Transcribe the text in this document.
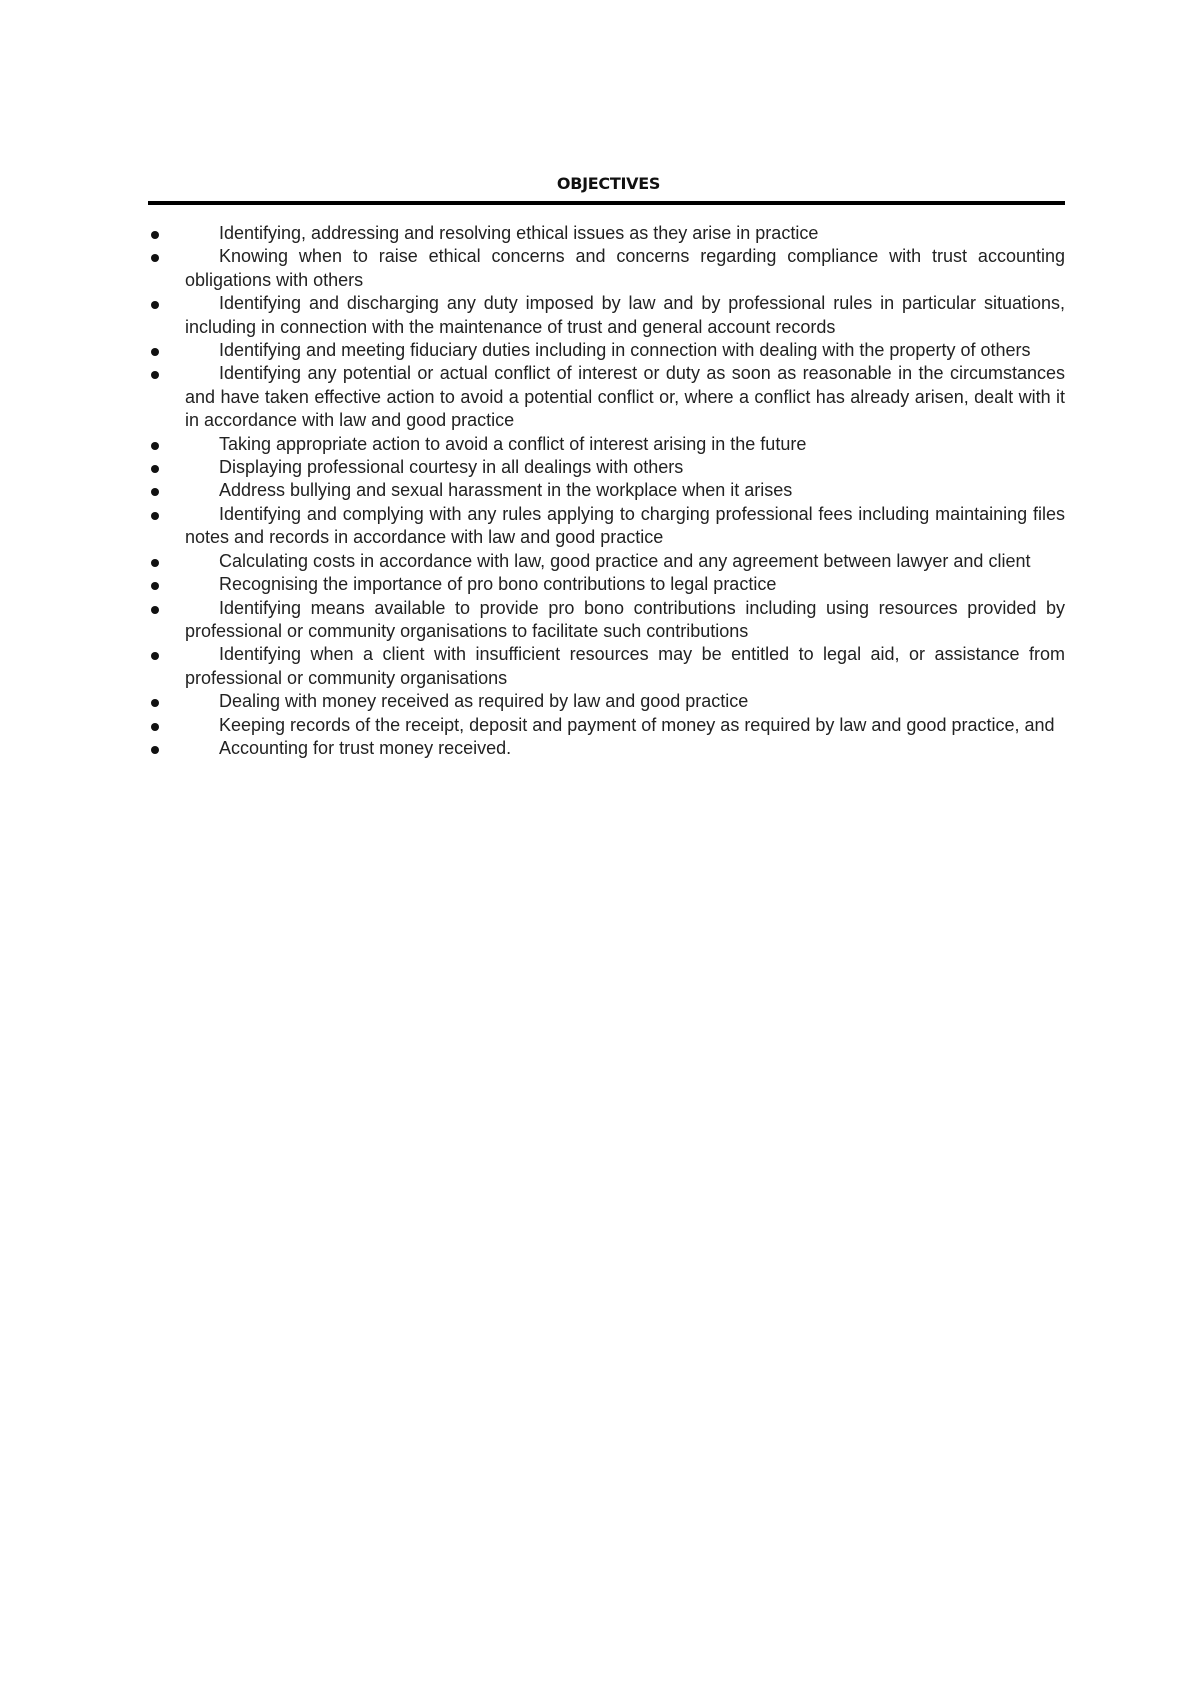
OBJECTIVES
Identifying, addressing and resolving ethical issues as they arise in practice
Knowing when to raise ethical concerns and concerns regarding compliance with trust accounting obligations with others
Identifying and discharging any duty imposed by law and by professional rules in particular situations, including in connection with the maintenance of trust and general account records
Identifying and meeting fiduciary duties including in connection with dealing with the property of others
Identifying any potential or actual conflict of interest or duty as soon as reasonable in the circumstances and have taken effective action to avoid a potential conflict or, where a conflict has already arisen, dealt with it in accordance with law and good practice
Taking appropriate action to avoid a conflict of interest arising in the future
Displaying professional courtesy in all dealings with others
Address bullying and sexual harassment in the workplace when it arises
Identifying and complying with any rules applying to charging professional fees including maintaining files notes and records in accordance with law and good practice
Calculating costs in accordance with law, good practice and any agreement between lawyer and client
Recognising the importance of pro bono contributions to legal practice
Identifying means available to provide pro bono contributions including using resources provided by professional or community organisations to facilitate such contributions
Identifying when a client with insufficient resources may be entitled to legal aid, or assistance from professional or community organisations
Dealing with money received as required by law and good practice
Keeping records of the receipt, deposit and payment of money as required by law and good practice, and
Accounting for trust money received.
